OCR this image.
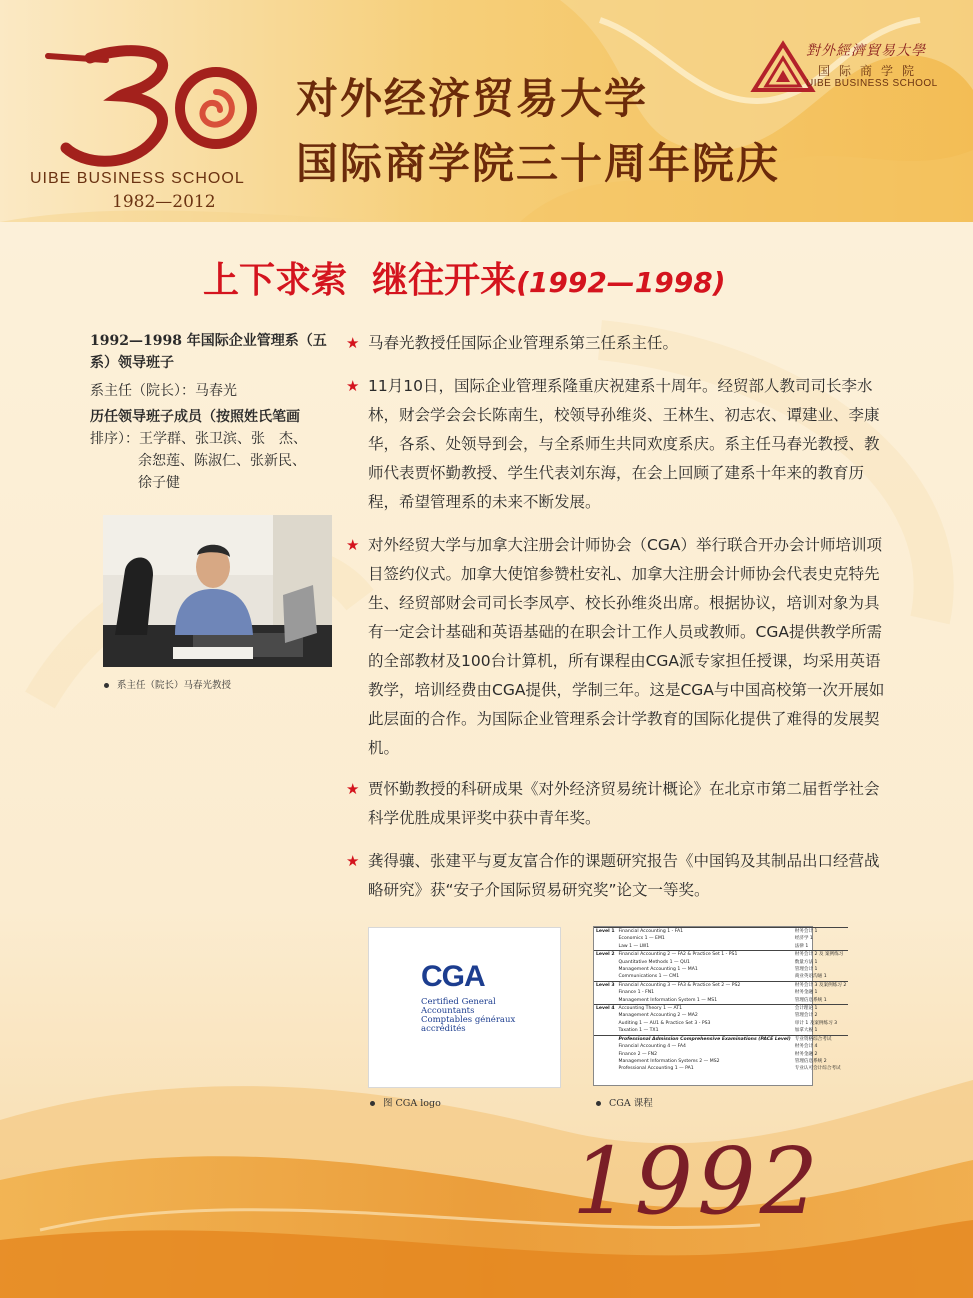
UIBE BUSINESS SCHOOL
1982—2012
对外经济贸易大学
国际商学院三十周年院庆
對外經濟貿易大學
国际商学院
UIBE BUSINESS SCHOOL
上下求索  继往开来(1992—1998)
1992—1998 年国际企业管理系（五
系）领导班子
系主任（院长）：马春光
历任领导班子成员（按照姓氏笔画
排序）：王学群、张卫滨、张　杰、
余恕莲、陈淑仁、张新民、
徐子健
系主任（院长）马春光教授
★ 马春光教授任国际企业管理系第三任系主任。
★ 11月10日，国际企业管理系隆重庆祝建系十周年。经贸部人教司司长李水林，财会学会会长陈南生，校领导孙维炎、王林生、初志农、谭建业、李康华，各系、处领导到会，与全系师生共同欢度系庆。系主任马春光教授、教师代表贾怀勤教授、学生代表刘东海，在会上回顾了建系十年来的教育历程，希望管理系的未来不断发展。
★ 对外经贸大学与加拿大注册会计师协会（CGA）举行联合开办会计师培训项目签约仪式。加拿大使馆参赞杜安礼、加拿大注册会计师协会代表史克特先生、经贸部财会司司长李凤亭、校长孙维炎出席。根据协议，培训对象为具有一定会计基础和英语基础的在职会计工作人员或教师。CGA提供教学所需的全部教材及100台计算机，所有课程由CGA派专家担任授课，均采用英语教学，培训经费由CGA提供，学制三年。这是CGA与中国高校第一次开展如此层面的合作。为国际企业管理系会计学教育的国际化提供了难得的发展契机。
★ 贾怀勤教授的科研成果《对外经济贸易统计概论》在北京市第二届哲学社会科学优胜成果评奖中获中青年奖。
★ 龚得骧、张建平与夏友富合作的课题研究报告《中国钨及其制品出口经营战略研究》获“安子介国际贸易研究奖”论文一等奖。
CGA
Certified General
Accountants
Comptables généraux
accrédités
图 CGA logo
Level 1	Financial Accounting 1 - FA1	财务会计 1
	Economics 1 — EM1	经济学 1
	Law 1 — LW1	法律 1
Level 2	Financial Accounting 2 — FA2 & Practice Set 1 - PS1	财务会计 2 及 案例练习
	Quantitative Methods 1 — QU1	数量方法 1
	Management Accounting 1 — MA1	管理会计 1
	Communications 1 — CM1	商业英语沟通 1
Level 3	Financial Accounting 3 — FA3 & Practice Set 2 — PS2	财务会计 3 及案例练习 2
	Finance 1 - FN1	财务金融 1
	Management Information System 1 — MS1	管理信息系统 1
Level 4	Accounting Theory 1 — AT1	会计理论 1
	Management Accounting 2 — MA2	管理会计 2
	Auditing 1 — AU1 & Practice Set 3 - PS3	审计 1 及案例练习 3
	Taxation 1 — TX1	加拿大税 1
	Professional Admission Comprehensive Examinations (PACE Level)	专业资格综合考试
	Financial Accounting 4 — FA4	财务会计 4
	Finance 2 — FN2	财务金融 2
	Management Information Systems 2 — MS2	管理信息系统 2
	Professional Accounting 1 — PA1	专业认可会计综合考试
CGA 课程
1992
